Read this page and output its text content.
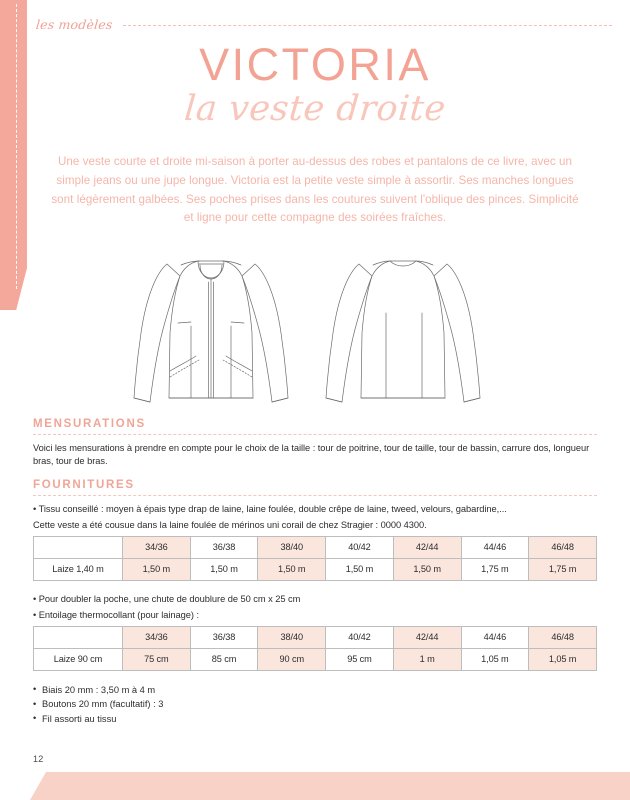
les modèles
VICTORIA
la veste droite
Une veste courte et droite mi-saison à porter au-dessus des robes et pantalons de ce livre, avec un simple jeans ou une jupe longue. Victoria est la petite veste simple à assortir. Ses manches longues sont légèrement galbées. Ses poches prises dans les coutures suivent l'oblique des pinces. Simplicité et ligne pour cette compagne des soirées fraîches.
MENSURATIONS

Voici les mensurations à prendre en compte pour le choix de la taille : tour de poitrine, tour de taille, tour de bassin, carrure dos, longueur bras, tour de bras.

FOURNITURES

• Tissu conseillé : moyen à épais type drap de laine, laine foulée, double crêpe de laine, tweed, velours, gabardine,...

Cette veste a été cousue dans la laine foulée de mérinos uni corail de chez Stragier : 0000 4300.

	34/36	36/38	38/40	40/42	42/44	44/46	46/48
Laize 1,40 m	1,50 m	1,50 m	1,50 m	1,50 m	1,50 m	1,75 m	1,75 m

• Pour doubler la poche, une chute de doublure de 50 cm x 25 cm

• Entoilage thermocollant (pour lainage) :

	34/36	36/38	38/40	40/42	42/44	44/46	46/48
Laize 90 cm	75 cm	85 cm	90 cm	95 cm	1 m	1,05 m	1,05 m
• Biais 20 mm : 3,50 m à 4 m
• Boutons 20 mm (facultatif) : 3
• Fil assorti au tissu
12
